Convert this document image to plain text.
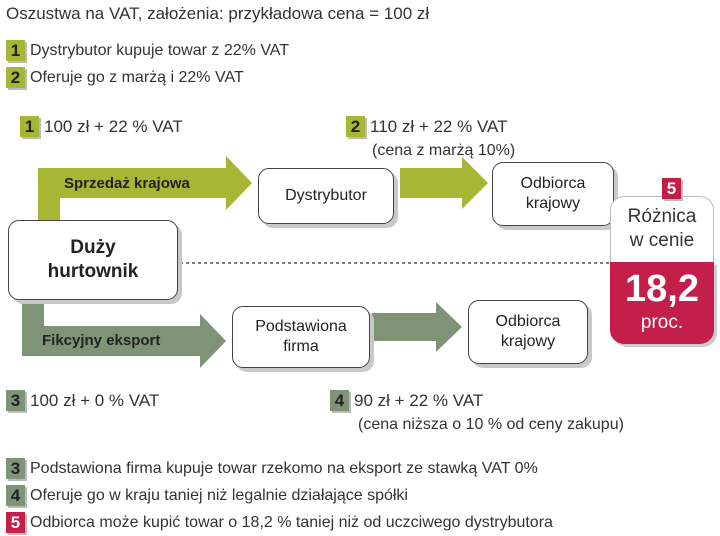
Oszustwa na VAT, założenia: przykładowa cena = 100 zł
1 Dystrybutor kupuje towar z 22% VAT
2 Oferuje go z marżą i 22% VAT
Sprzedaż krajowa
Fikcyjny eksport
1 100 zł + 22 % VAT	2 110 zł + 22 % VAT
(cena z marżą 10%)
Duży
hurtownik
Dystrybutor
Odbiorca
krajowy
Podstawiona
firma
Odbiorca
krajowy
Różnica
w cenie
5
18,2
proc.
3 100 zł + 0 % VAT	4 90 zł + 22 % VAT
(cena niższa o 10 % od ceny zakupu)
3 Podstawiona firma kupuje towar rzekomo na eksport ze stawką VAT 0%
4 Oferuje go w kraju taniej niż legalnie działające spółki
5 Odbiorca może kupić towar o 18,2 % taniej niż od uczciwego dystrybutora
